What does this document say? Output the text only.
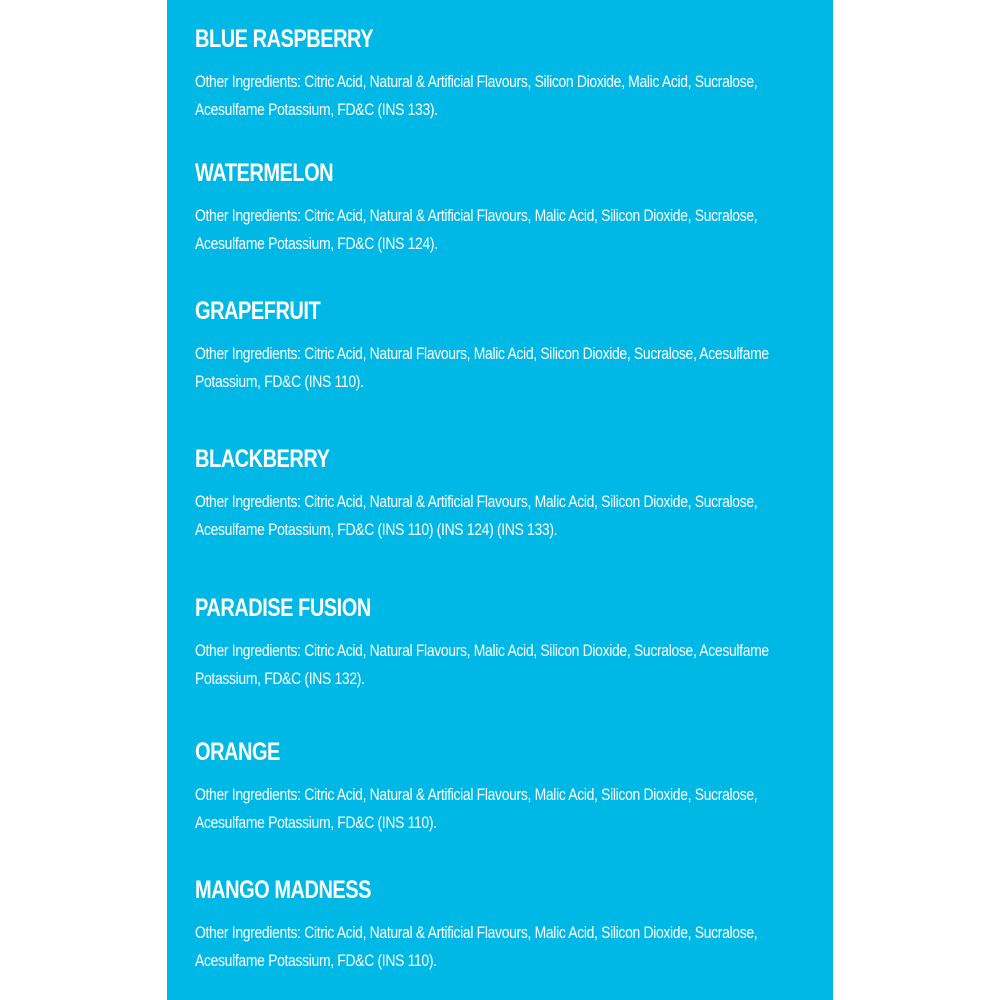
BLUE RASPBERRY

Other Ingredients: Citric Acid, Natural & Artificial Flavours, Silicon Dioxide, Malic Acid, Sucralose, Acesulfame Potassium, FD&C (INS 133).

WATERMELON

Other Ingredients: Citric Acid, Natural & Artificial Flavours, Malic Acid, Silicon Dioxide, Sucralose, Acesulfame Potassium, FD&C (INS 124).

GRAPEFRUIT

Other Ingredients: Citric Acid, Natural Flavours, Malic Acid, Silicon Dioxide, Sucralose, Acesulfame Potassium, FD&C (INS 110).

BLACKBERRY

Other Ingredients: Citric Acid, Natural & Artificial Flavours, Malic Acid, Silicon Dioxide, Sucralose, Acesulfame Potassium, FD&C (INS 110) (INS 124) (INS 133).

PARADISE FUSION

Other Ingredients: Citric Acid, Natural Flavours, Malic Acid, Silicon Dioxide, Sucralose, Acesulfame Potassium, FD&C (INS 132).

ORANGE

Other Ingredients: Citric Acid, Natural & Artificial Flavours, Malic Acid, Silicon Dioxide, Sucralose, Acesulfame Potassium, FD&C (INS 110).

MANGO MADNESS

Other Ingredients: Citric Acid, Natural & Artificial Flavours, Malic Acid, Silicon Dioxide, Sucralose, Acesulfame Potassium, FD&C (INS 110).
